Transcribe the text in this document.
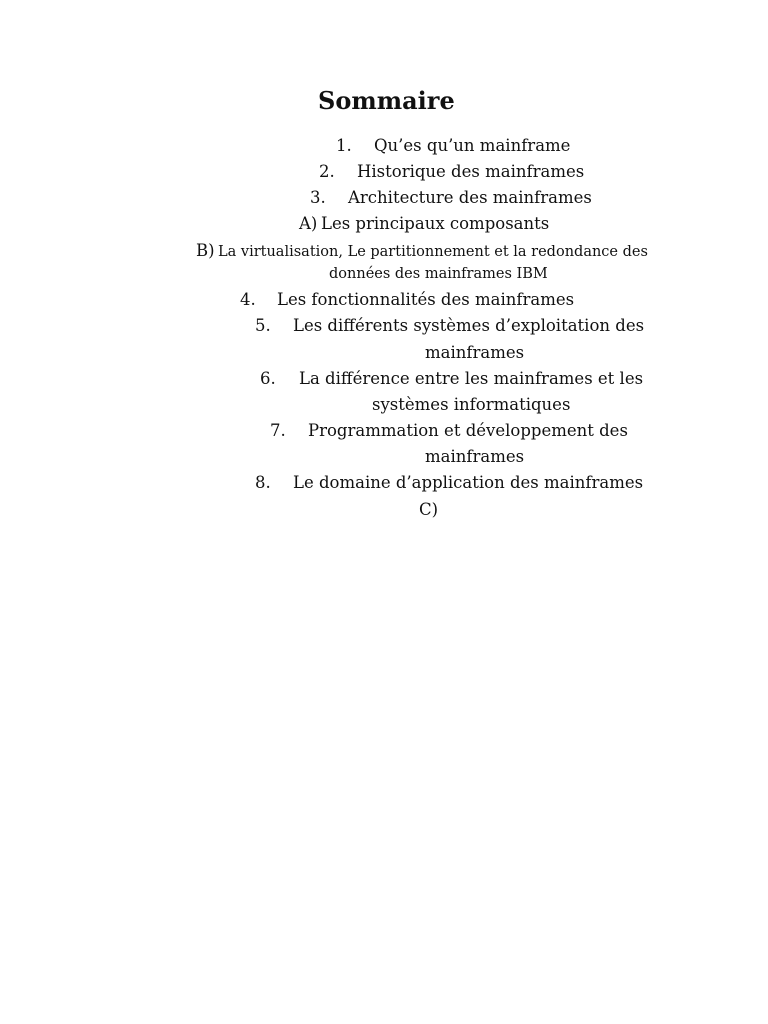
Sommaire
1. Qu’es qu’un mainframe
2. Historique des mainframes
3. Architecture des mainframes
A) Les principaux composants
B) La virtualisation, Le partitionnement et la redondance des
données des mainframes IBM
4. Les fonctionnalités des mainframes
5. Les différents systèmes d’exploitation des
mainframes
6. La différence entre les mainframes et les
systèmes informatiques
7. Programmation et développement des
mainframes
8. Le domaine d’application des mainframes
C)
